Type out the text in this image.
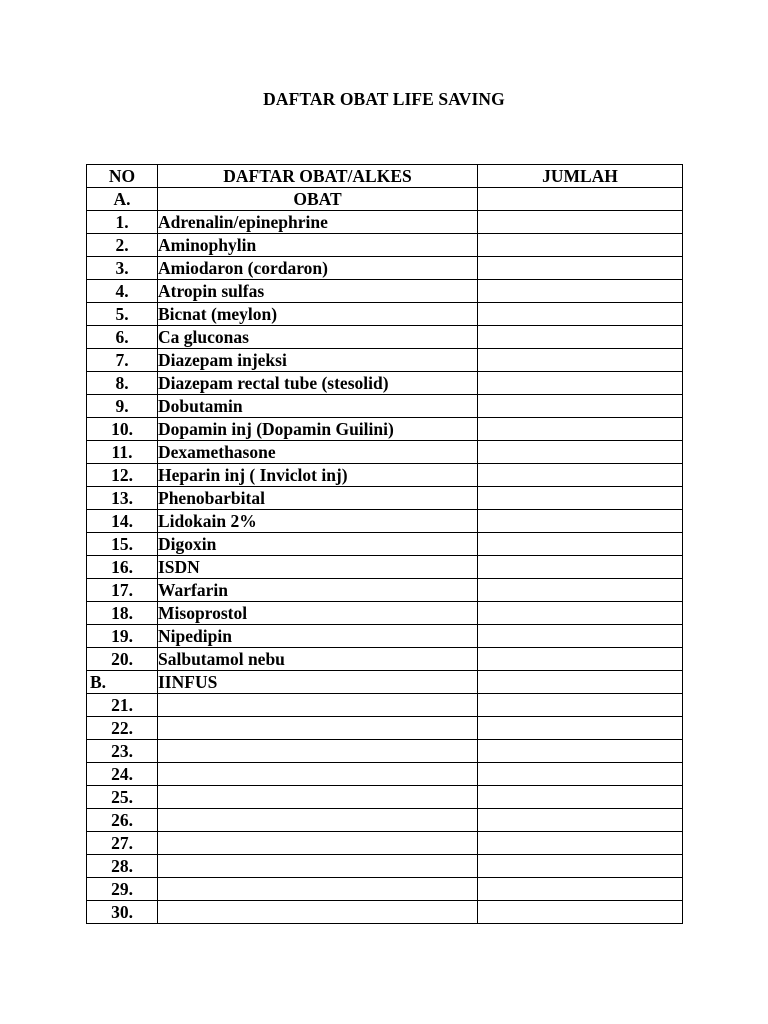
DAFTAR OBAT LIFE SAVING
NO	DAFTAR OBAT/ALKES	JUMLAH
A.	OBAT	
1.	Adrenalin/epinephrine	
2.	Aminophylin	
3.	Amiodaron (cordaron)	
4.	Atropin sulfas	
5.	Bicnat (meylon)	
6.	Ca gluconas	
7.	Diazepam injeksi	
8.	Diazepam rectal tube (stesolid)	
9.	Dobutamin	
10.	Dopamin inj (Dopamin Guilini)	
11.	Dexamethasone	
12.	Heparin inj ( Inviclot inj)	
13.	Phenobarbital	
14.	Lidokain 2%	
15.	Digoxin	
16.	ISDN	
17.	Warfarin	
18.	Misoprostol	
19.	Nipedipin	
20.	Salbutamol nebu	
B.	IINFUS	
21.		
22.		
23.		
24.		
25.		
26.		
27.		
28.		
29.		
30.		
